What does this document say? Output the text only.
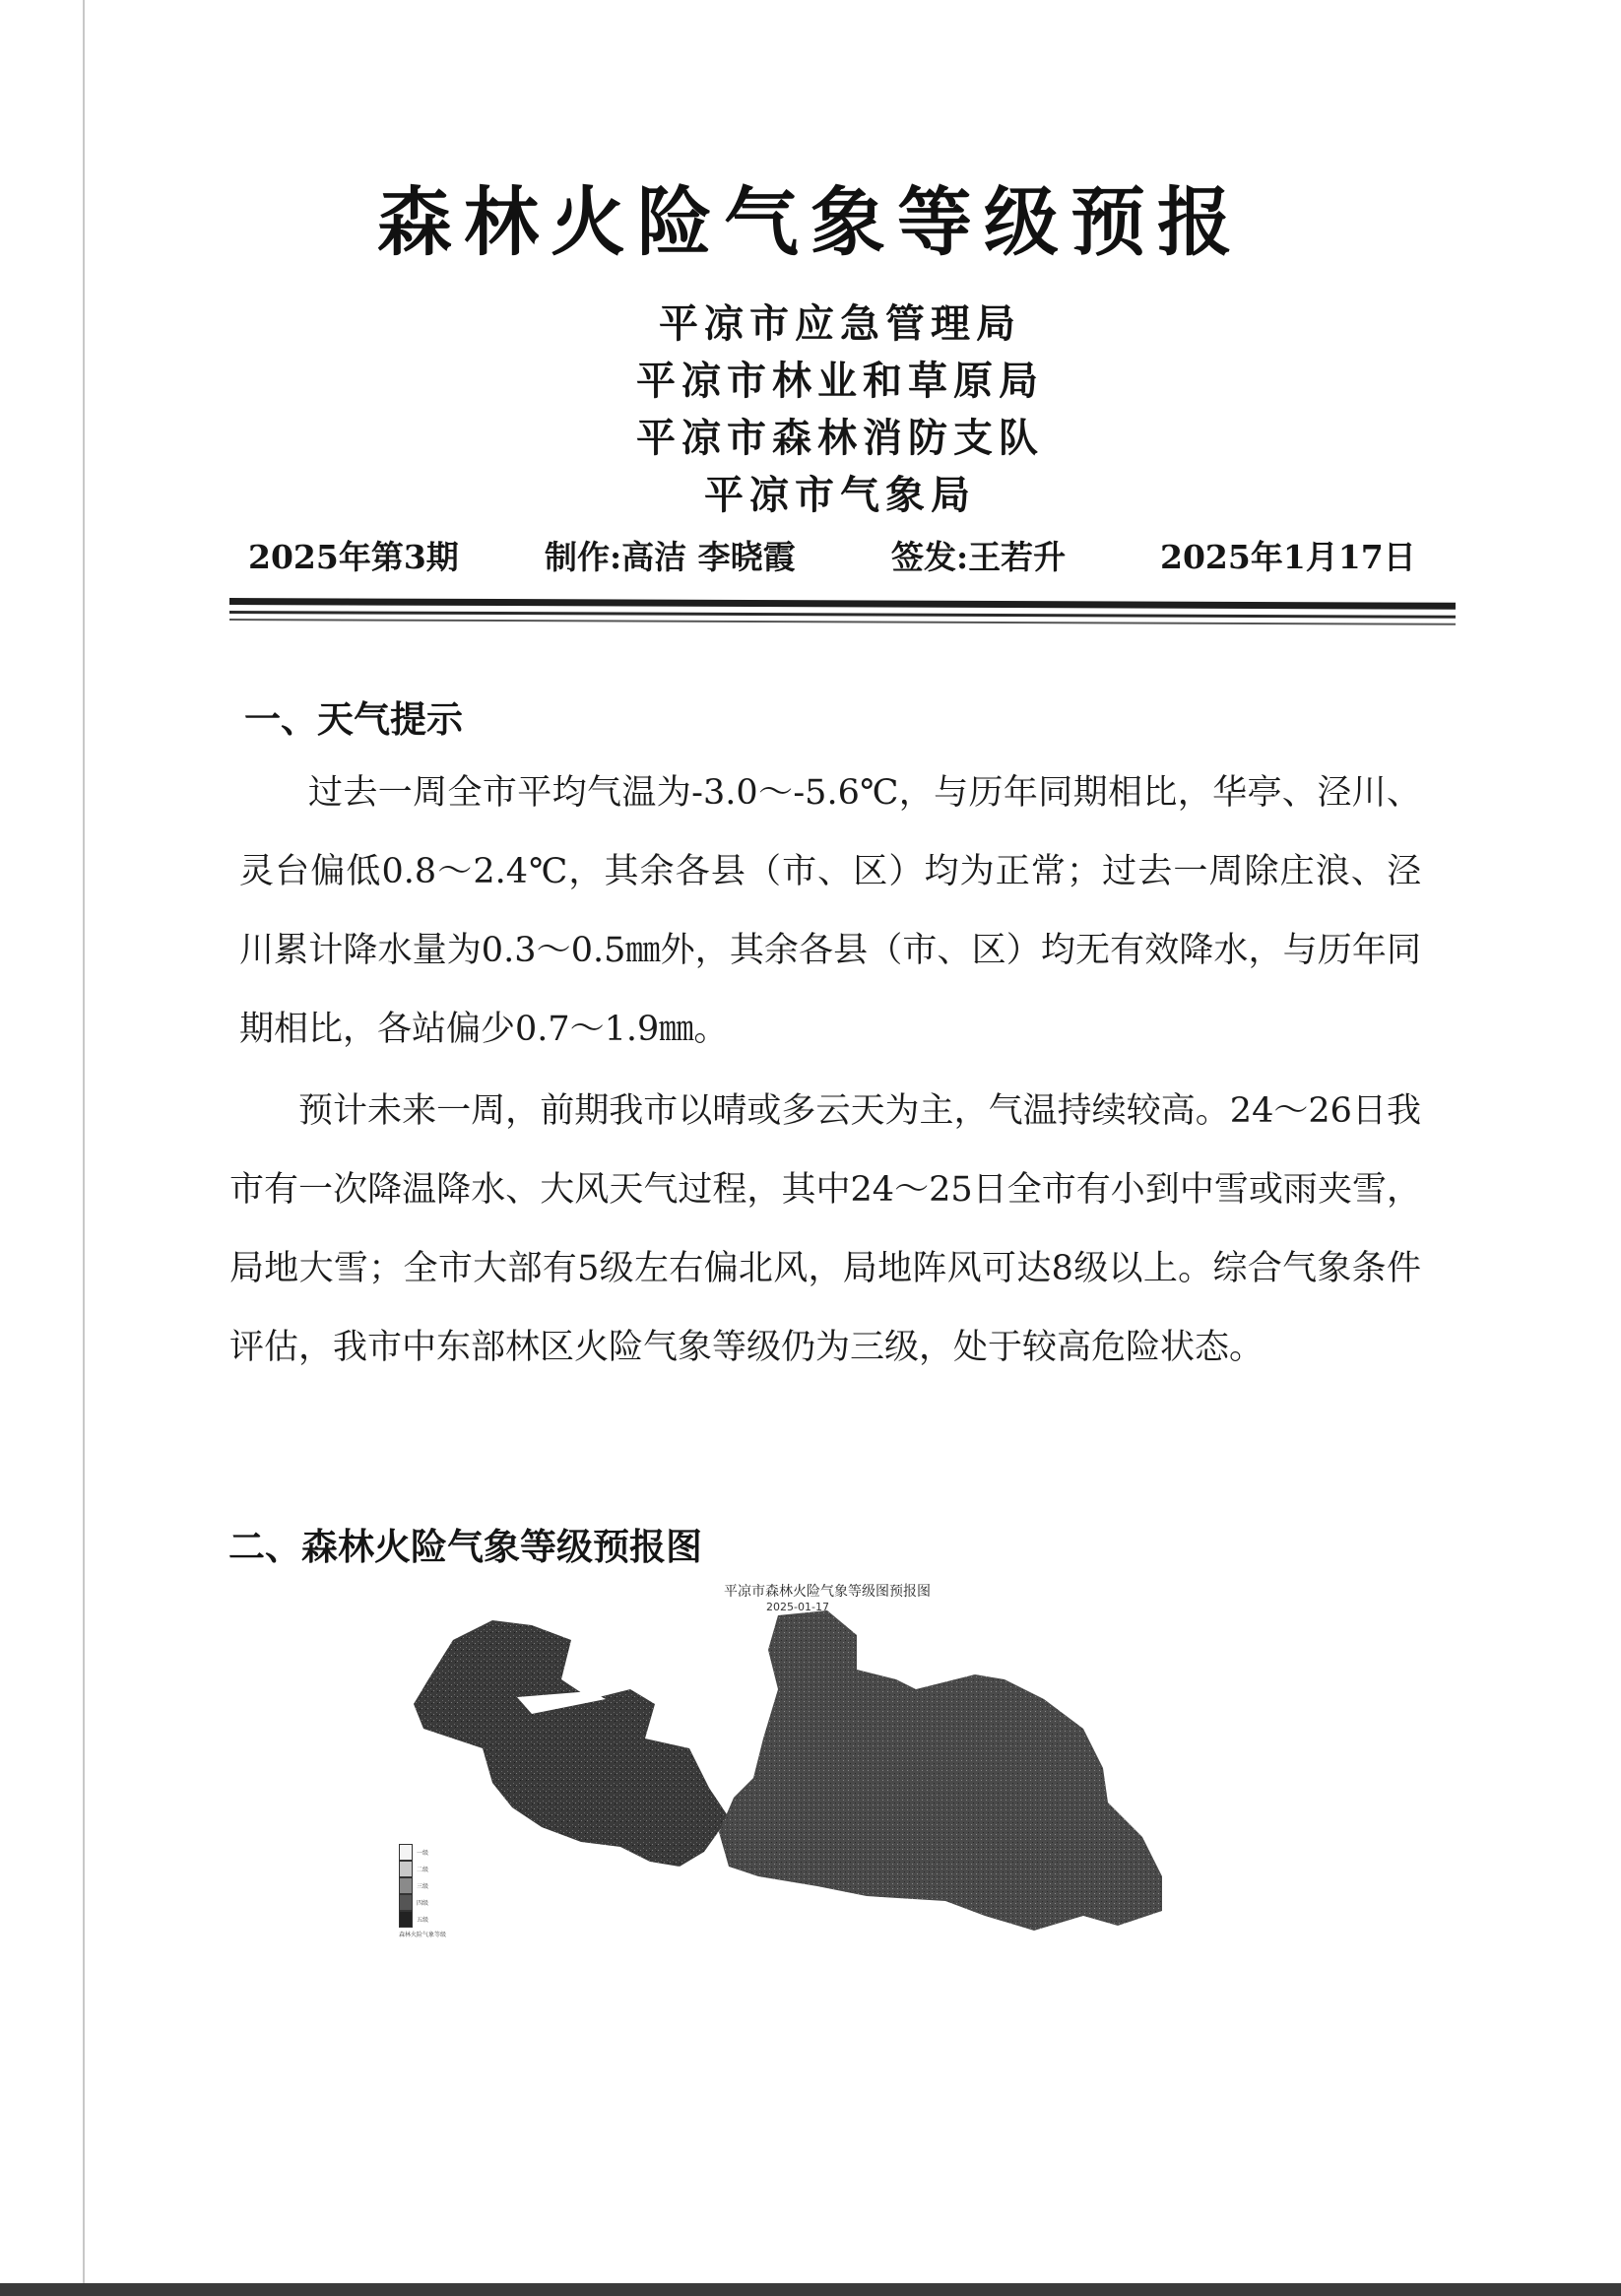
森林火险气象等级预报
平凉市应急管理局
平凉市林业和草原局
平凉市森林消防支队
平凉市气象局
2025年第3期	制作:高洁 李晓霞	签发:王若升	2025年1月17日
一、天气提示
过去一周全市平均气温为-3.0～-5.6℃，与历年同期相比，华亭、泾川、灵台偏低0.8～2.4℃，其余各县（市、区）均为正常；过去一周除庄浪、泾川累计降水量为0.3～0.5㎜外，其余各县（市、区）均无有效降水，与历年同期相比，各站偏少0.7～1.9㎜。
预计未来一周，前期我市以晴或多云天为主，气温持续较高。24～26日我市有一次降温降水、大风天气过程，其中24～25日全市有小到中雪或雨夹雪，局地大雪；全市大部有5级左右偏北风，局地阵风可达8级以上。综合气象条件评估，我市中东部林区火险气象等级仍为三级，处于较高危险状态。
二、森林火险气象等级预报图
平凉市森林火险气象等级图预报图
2025-01-17
一级
二级
三级
四级
五级
森林火险气象等级
